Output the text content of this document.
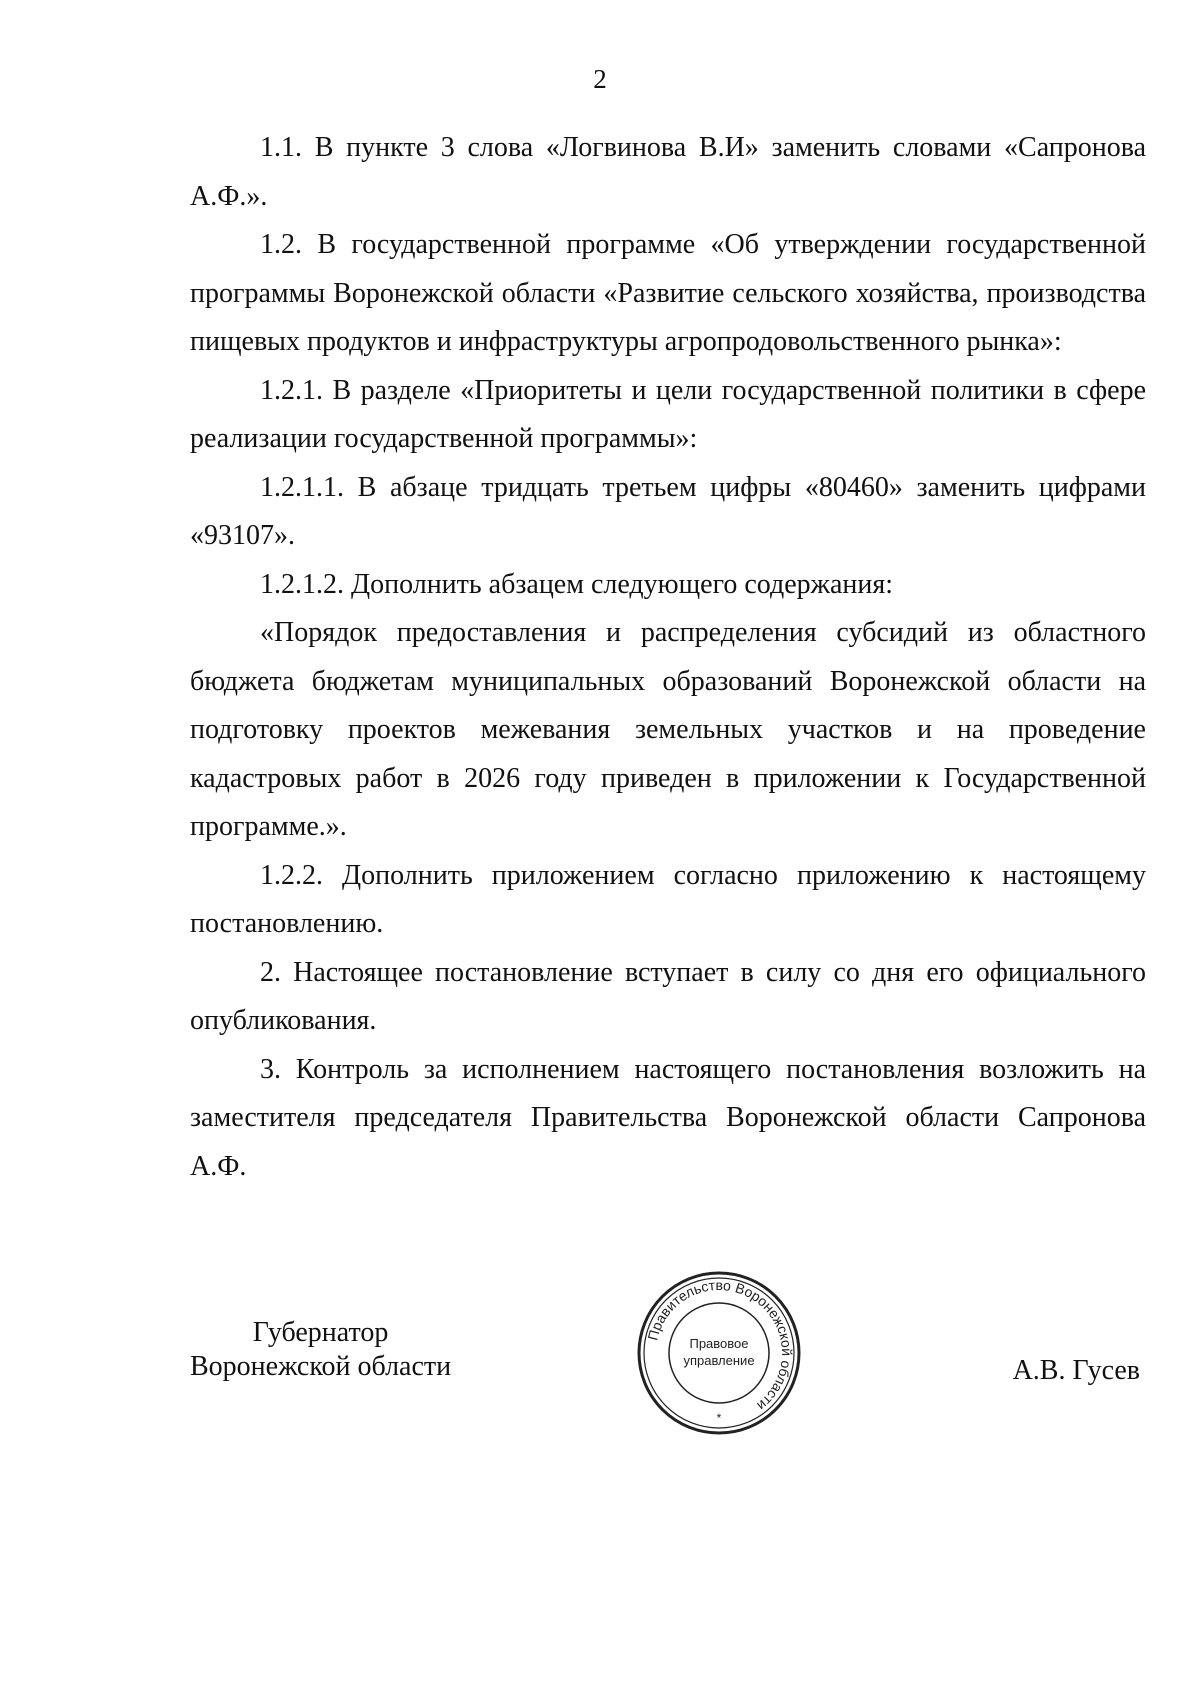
2

1.1. В пункте 3 слова «Логвинова В.И» заменить словами «Сапронова А.Ф.».

1.2. В государственной программе «Об утверждении государственной программы Воронежской области «Развитие сельского хозяйства, производства пищевых продуктов и инфраструктуры агропродовольственного рынка»:

1.2.1. В разделе «Приоритеты и цели государственной политики в сфере реализации государственной программы»:

1.2.1.1. В абзаце тридцать третьем цифры «80460» заменить цифрами «93107».

1.2.1.2. Дополнить абзацем следующего содержания:

«Порядок предоставления и распределения субсидий из областного бюджета бюджетам муниципальных образований Воронежской области на подготовку проектов межевания земельных участков и на проведение кадастровых работ в 2026 году приведен в приложении к Государственной программе.».

1.2.2. Дополнить приложением согласно приложению к настоящему постановлению.

2. Настоящее постановление вступает в силу со дня его официального опубликования.

3. Контроль за исполнением настоящего постановления возложить на заместителя председателя Правительства Воронежской области Сапронова А.Ф.

Губернатор
Воронежской области
Правительство Воронежской области
Правовое
управление
*
А.В. Гусев
